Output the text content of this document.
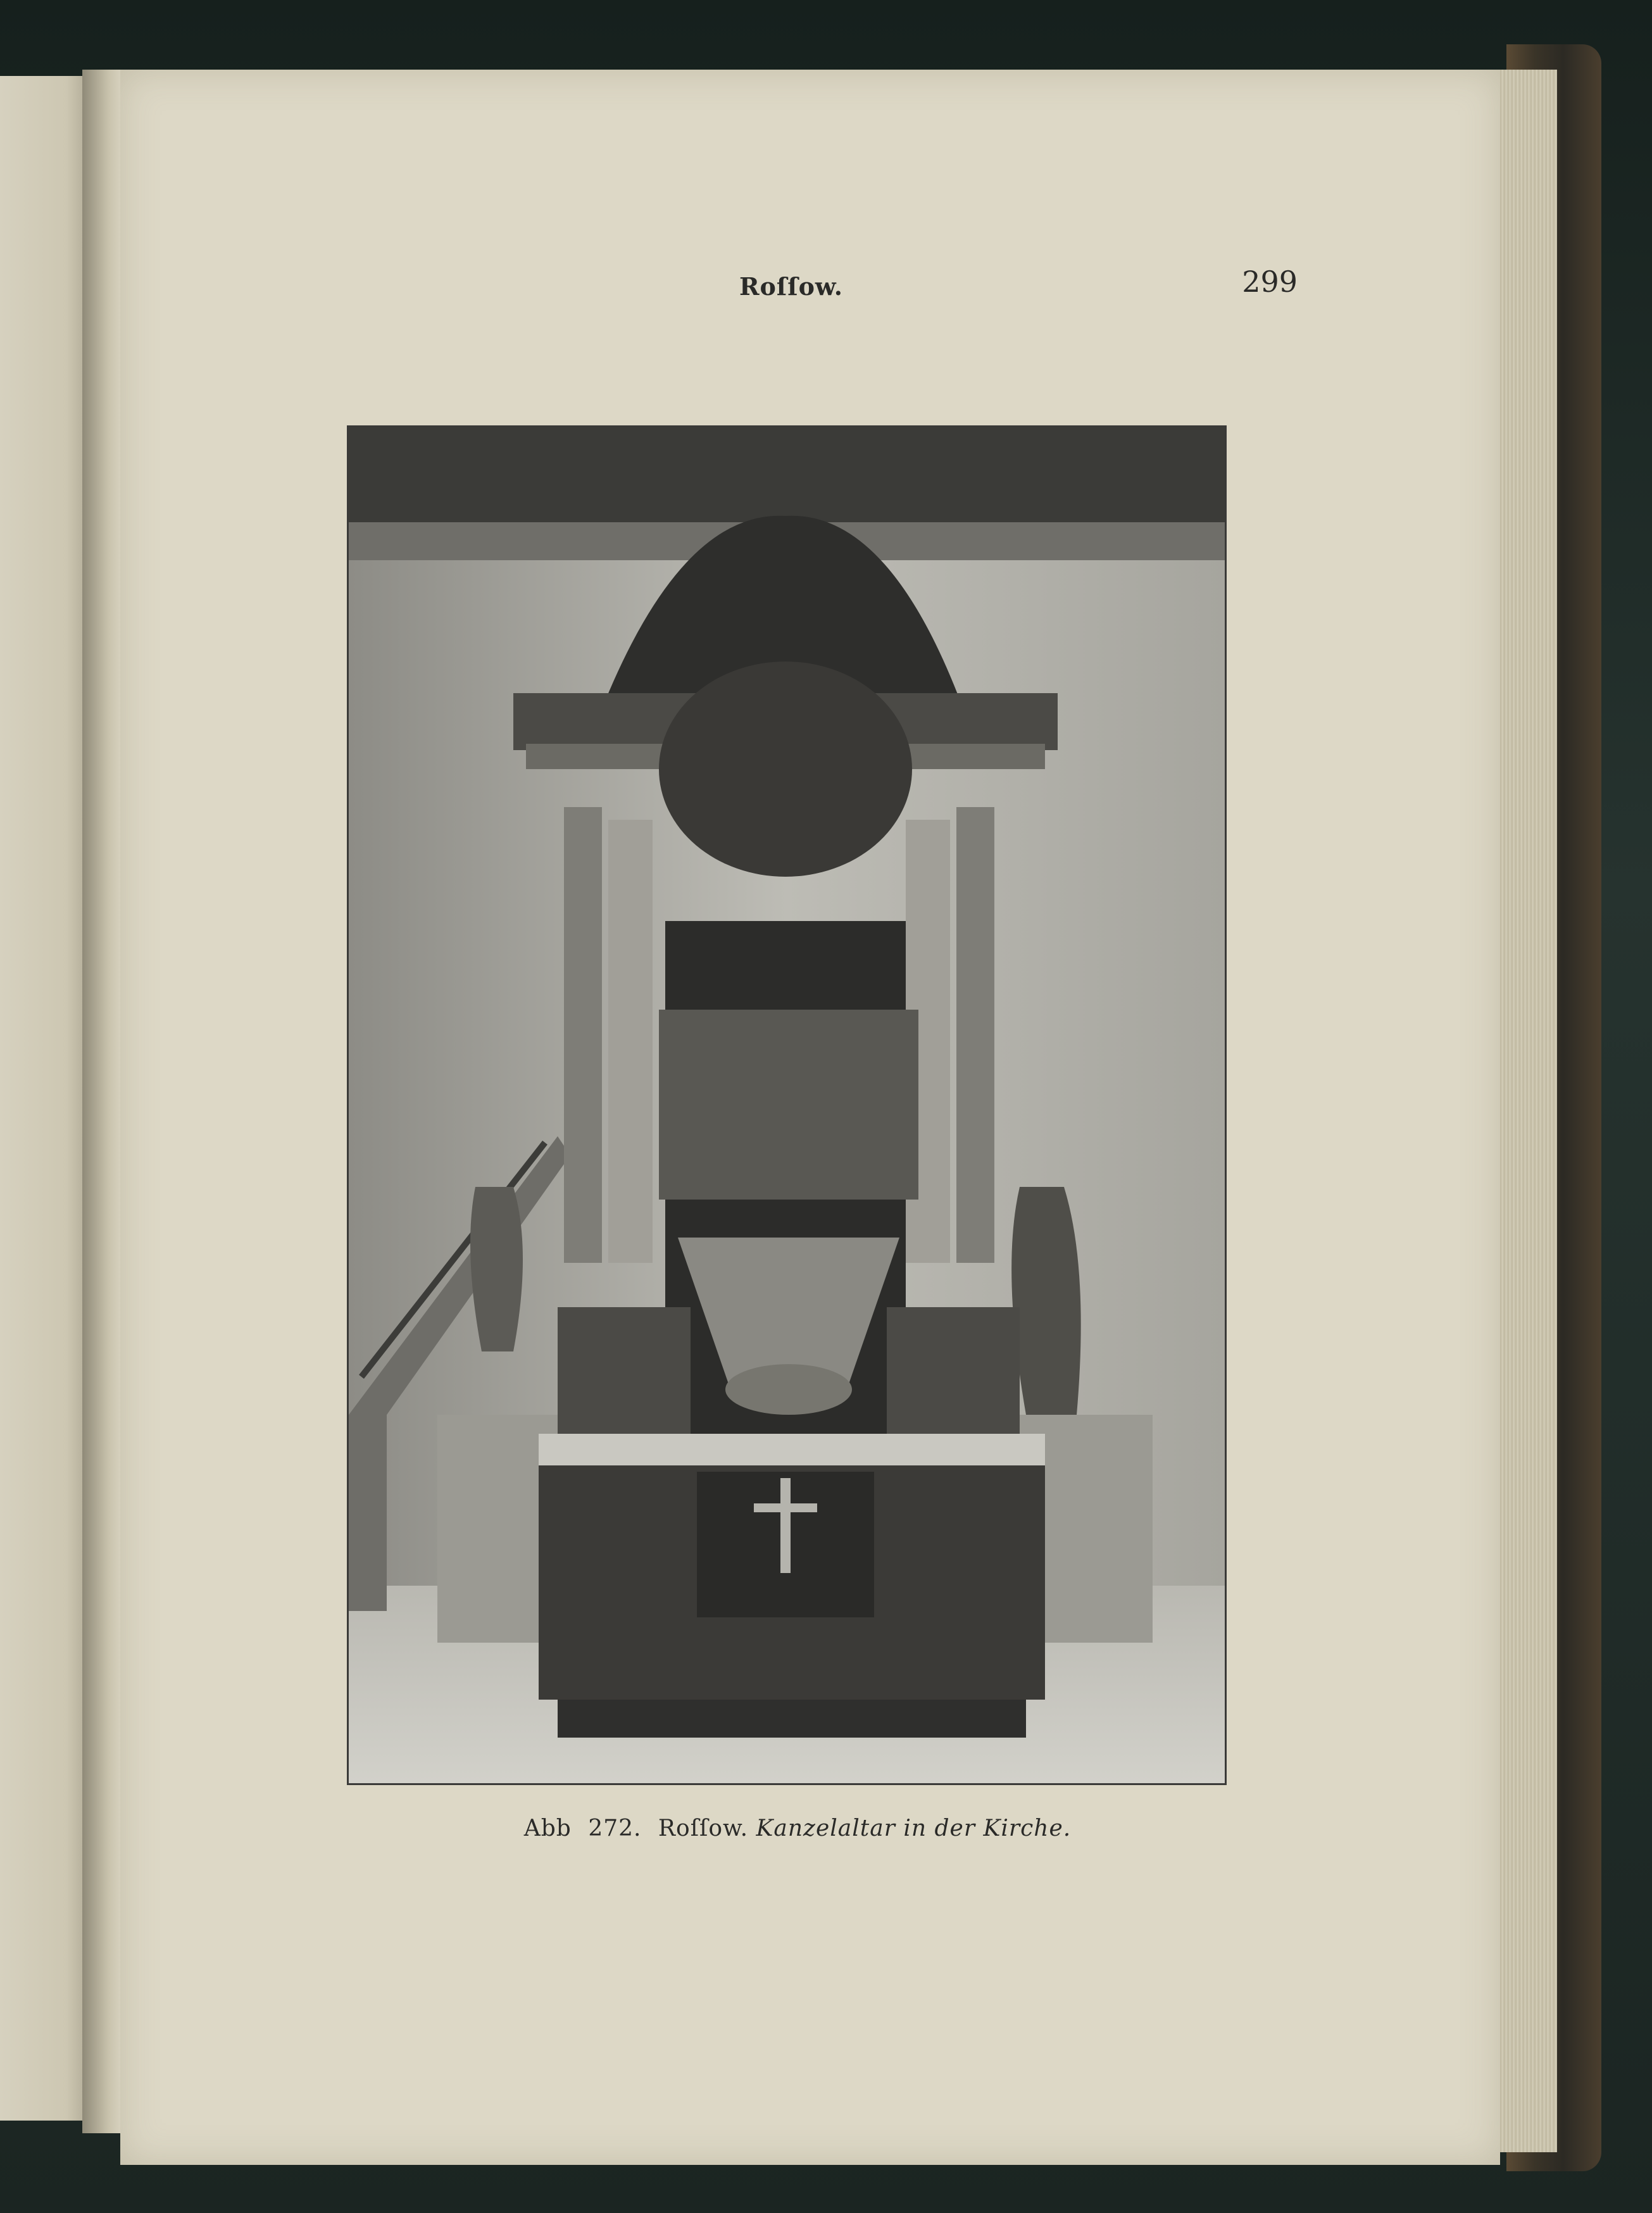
Roſſow.	299
Abb 272. Roſſow. Kanzelaltar in der Kirche.
